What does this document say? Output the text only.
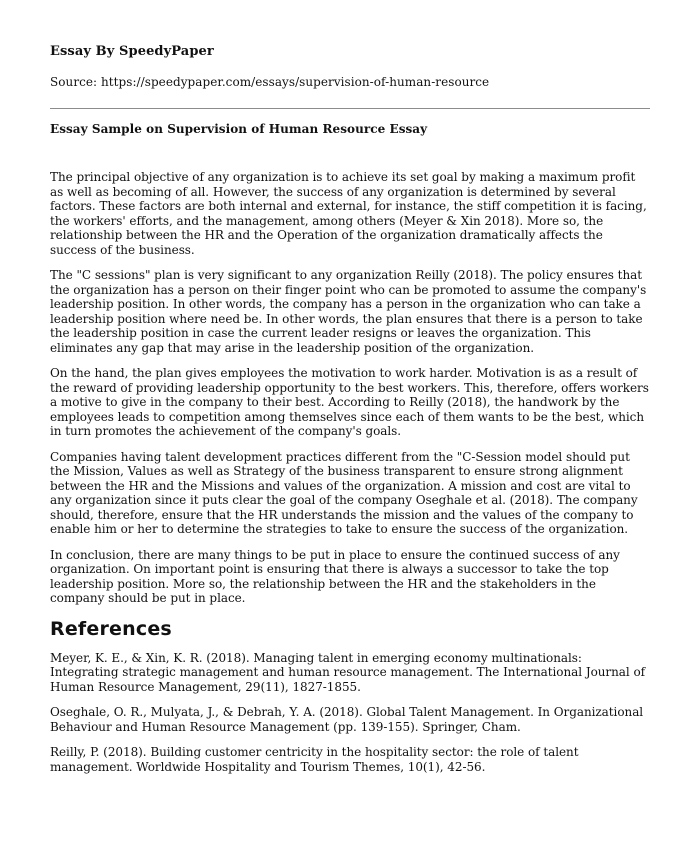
Essay By SpeedyPaper

Source: https://speedypaper.com/essays/supervision-of-human-resource

Essay Sample on Supervision of Human Resource Essay

The principal objective of any organization is to achieve its set goal by making a maximum profit as well as becoming of all. However, the success of any organization is determined by several factors. These factors are both internal and external, for instance, the stiff competition it is facing, the workers' efforts, and the management, among others (Meyer & Xin 2018). More so, the relationship between the HR and the Operation of the organization dramatically affects the success of the business.

The "C sessions" plan is very significant to any organization Reilly (2018). The policy ensures that the organization has a person on their finger point who can be promoted to assume the company's leadership position. In other words, the company has a person in the organization who can take a leadership position where need be. In other words, the plan ensures that there is a person to take the leadership position in case the current leader resigns or leaves the organization. This eliminates any gap that may arise in the leadership position of the organization.

On the hand, the plan gives employees the motivation to work harder. Motivation is as a result of the reward of providing leadership opportunity to the best workers. This, therefore, offers workers a motive to give in the company to their best. According to Reilly (2018), the handwork by the employees leads to competition among themselves since each of them wants to be the best, which in turn promotes the achievement of the company's goals.

Companies having talent development practices different from the "C-Session model should put the Mission, Values as well as Strategy of the business transparent to ensure strong alignment between the HR and the Missions and values of the organization. A mission and cost are vital to any organization since it puts clear the goal of the company Oseghale et al. (2018). The company should, therefore, ensure that the HR understands the mission and the values of the company to enable him or her to determine the strategies to take to ensure the success of the organization.

In conclusion, there are many things to be put in place to ensure the continued success of any organization. On important point is ensuring that there is always a successor to take the top leadership position. More so, the relationship between the HR and the stakeholders in the company should be put in place.

References

Meyer, K. E., & Xin, K. R. (2018). Managing talent in emerging economy multinationals: Integrating strategic management and human resource management. The International Journal of Human Resource Management, 29(11), 1827-1855.

Oseghale, O. R., Mulyata, J., & Debrah, Y. A. (2018). Global Talent Management. In Organizational Behaviour and Human Resource Management (pp. 139-155). Springer, Cham.

Reilly, P. (2018). Building customer centricity in the hospitality sector: the role of talent management. Worldwide Hospitality and Tourism Themes, 10(1), 42-56.
